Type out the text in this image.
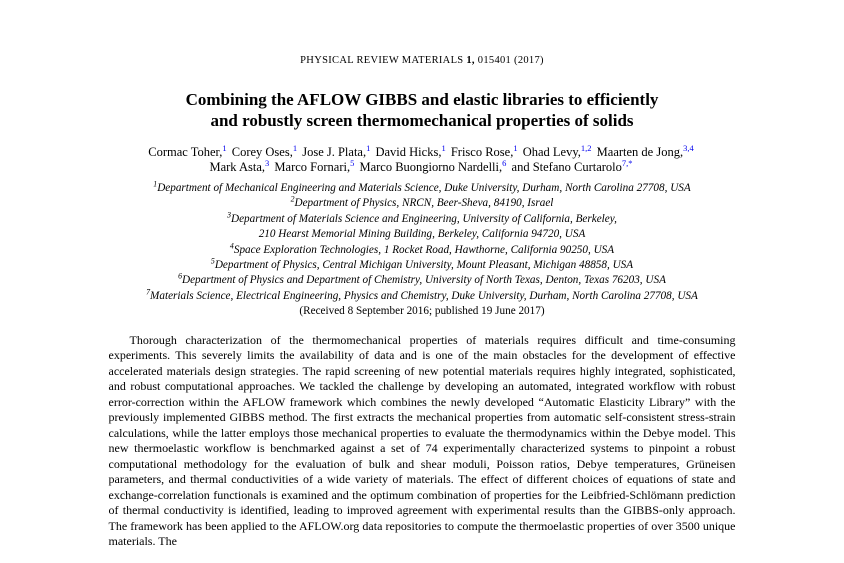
PHYSICAL REVIEW MATERIALS 1, 015401 (2017)
Combining the AFLOW GIBBS and elastic libraries to efficiently
and robustly screen thermomechanical properties of solids
Cormac Toher,$^1$ Corey Oses,$^1$ Jose J. Plata,$^1$ David Hicks,$^1$ Frisco Rose,$^1$ Ohad Levy,$^{1,2}$ Maarten de Jong,$^{3,4}$
Mark Asta,$^3$ Marco Fornari,$^5$ Marco Buongiorno Nardelli,$^6$ and Stefano Curtarolo$^{7,*}$
$^1$Department of Mechanical Engineering and Materials Science, Duke University, Durham, North Carolina 27708, USA
$^2$Department of Physics, NRCN, Beer-Sheva, 84190, Israel
$^3$Department of Materials Science and Engineering, University of California, Berkeley,
210 Hearst Memorial Mining Building, Berkeley, California 94720, USA
$^4$Space Exploration Technologies, 1 Rocket Road, Hawthorne, California 90250, USA
$^5$Department of Physics, Central Michigan University, Mount Pleasant, Michigan 48858, USA
$^6$Department of Physics and Department of Chemistry, University of North Texas, Denton, Texas 76203, USA
$^7$Materials Science, Electrical Engineering, Physics and Chemistry, Duke University, Durham, North Carolina 27708, USA
(Received 8 September 2016; published 19 June 2017)

Thorough characterization of the thermomechanical properties of materials requires difficult and time-consuming experiments. This severely limits the availability of data and is one of the main obstacles for the development of effective accelerated materials design strategies. The rapid screening of new potential materials requires highly integrated, sophisticated, and robust computational approaches. We tackled the challenge by developing an automated, integrated workflow with robust error-correction within the AFLOW framework which combines the newly developed “Automatic Elasticity Library” with the previously implemented GIBBS method. The first extracts the mechanical properties from automatic self-consistent stress-strain calculations, while the latter employs those mechanical properties to evaluate the thermodynamics within the Debye model. This new thermoelastic workflow is benchmarked against a set of 74 experimentally characterized systems to pinpoint a robust computational methodology for the evaluation of bulk and shear moduli, Poisson ratios, Debye temperatures, Grüneisen parameters, and thermal conductivities of a wide variety of materials. The effect of different choices of equations of state and exchange-correlation functionals is examined and the optimum combination of properties for the Leibfried-Schlömann prediction of thermal conductivity is identified, leading to improved agreement with experimental results than the GIBBS-only approach. The framework has been applied to the AFLOW.org data repositories to compute the thermoelastic properties of over 3500 unique materials. The
